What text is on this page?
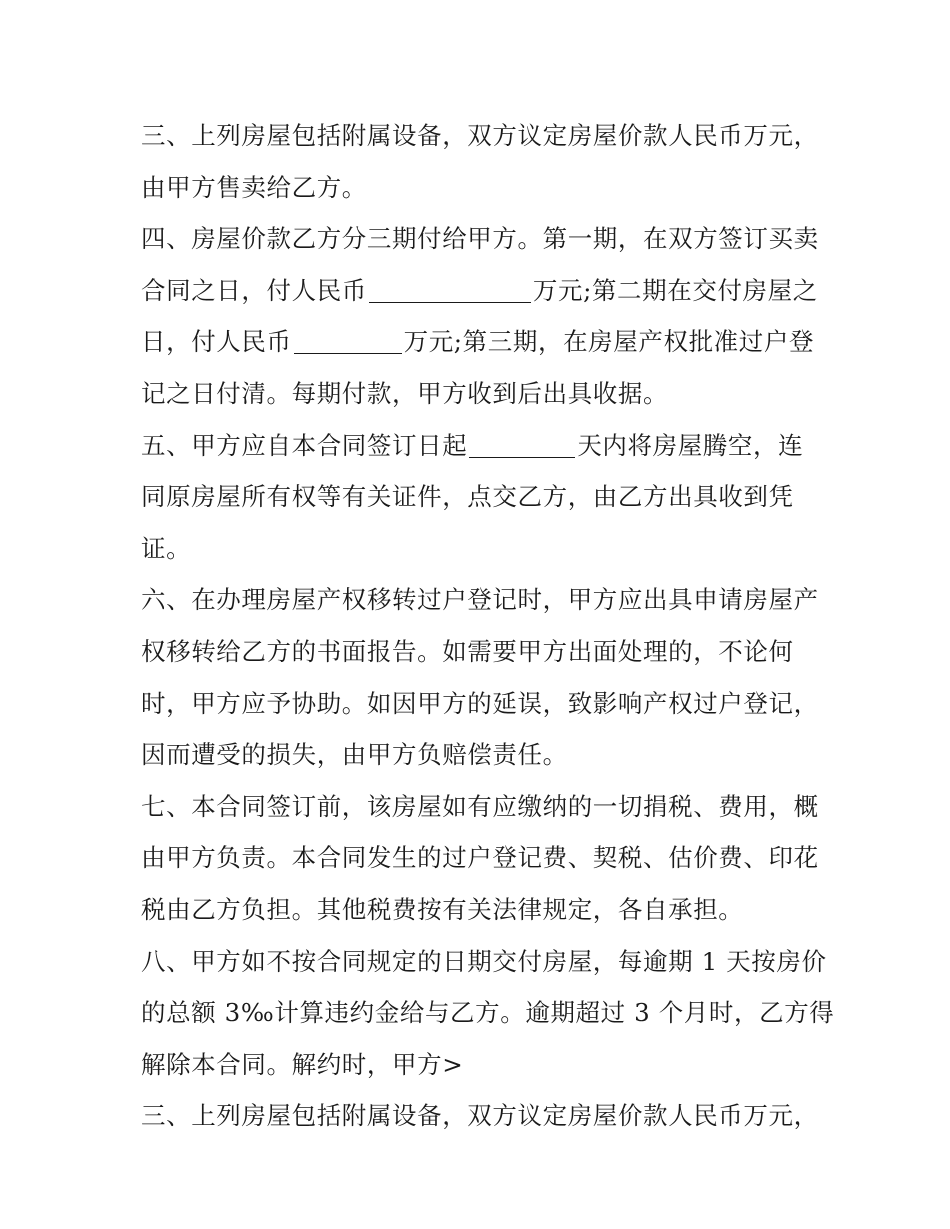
三、上列房屋包括附属设备，双方议定房屋价款人民币万元，
由甲方售卖给乙方。
四、房屋价款乙方分三期付给甲方。第一期，在双方签订买卖
合同之日，付人民币	万元;第二期在交付房屋之
日，付人民币	万元;第三期，在房屋产权批准过户登
记之日付清。每期付款，甲方收到后出具收据。
五、甲方应自本合同签订日起	天内将房屋腾空，连
同原房屋所有权等有关证件，点交乙方，由乙方出具收到凭
证。
六、在办理房屋产权移转过户登记时，甲方应出具申请房屋产
权移转给乙方的书面报告。如需要甲方出面处理的，不论何
时，甲方应予协助。如因甲方的延误，致影响产权过户登记，
因而遭受的损失，由甲方负赔偿责任。
七、本合同签订前，该房屋如有应缴纳的一切捐税、费用，概
由甲方负责。本合同发生的过户登记费、契税、估价费、印花
税由乙方负担。其他税费按有关法律规定，各自承担。
八、甲方如不按合同规定的日期交付房屋，每逾期 1 天按房价
的总额 3‰计算违约金给与乙方。逾期超过 3 个月时，乙方得
解除本合同。解约时，甲方>
三、上列房屋包括附属设备，双方议定房屋价款人民币万元，
